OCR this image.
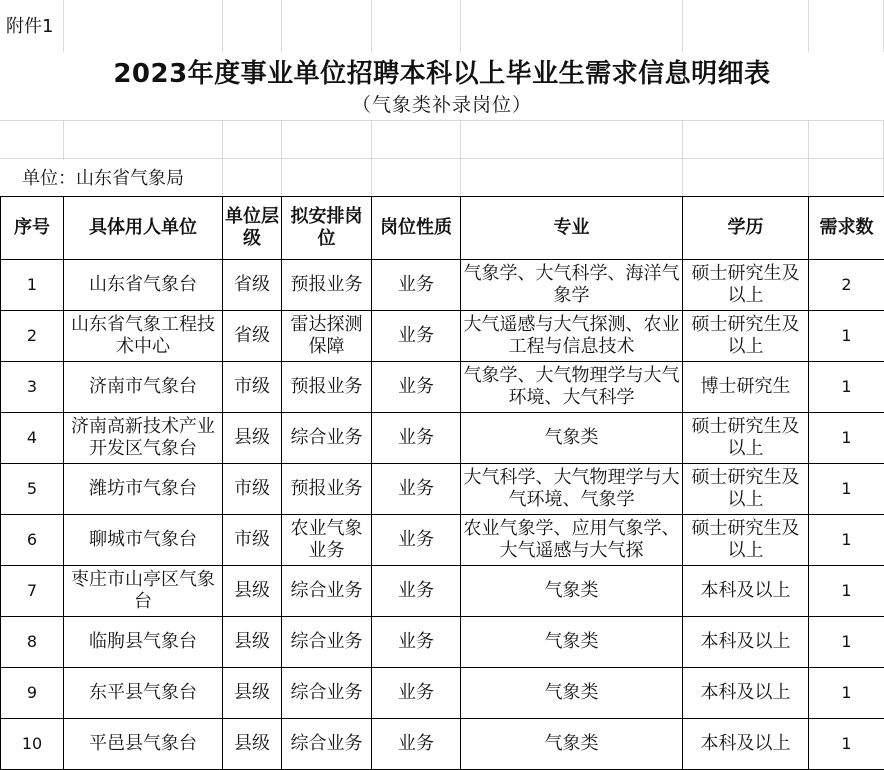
附件1
2023年度事业单位招聘本科以上毕业生需求信息明细表
（气象类补录岗位）
单位：山东省气象局
序号	具体用人单位	单位层级	拟安排岗位	岗位性质	专业	学历	需求数
1	山东省气象台	省级	预报业务	业务	气象学、大气科学、海洋气象学	硕士研究生及以上	2
2	山东省气象工程技术中心	省级	雷达探测保障	业务	大气遥感与大气探测、农业工程与信息技术	硕士研究生及以上	1
3	济南市气象台	市级	预报业务	业务	气象学、大气物理学与大气环境、大气科学	博士研究生	1
4	济南高新技术产业开发区气象台	县级	综合业务	业务	气象类	硕士研究生及以上	1
5	潍坊市气象台	市级	预报业务	业务	大气科学、大气物理学与大气环境、气象学	硕士研究生及以上	1
6	聊城市气象台	市级	农业气象业务	业务	农业气象学、应用气象学、大气遥感与大气探	硕士研究生及以上	1
7	枣庄市山亭区气象台	县级	综合业务	业务	气象类	本科及以上	1
8	临朐县气象台	县级	综合业务	业务	气象类	本科及以上	1
9	东平县气象台	县级	综合业务	业务	气象类	本科及以上	1
10	平邑县气象台	县级	综合业务	业务	气象类	本科及以上	1
